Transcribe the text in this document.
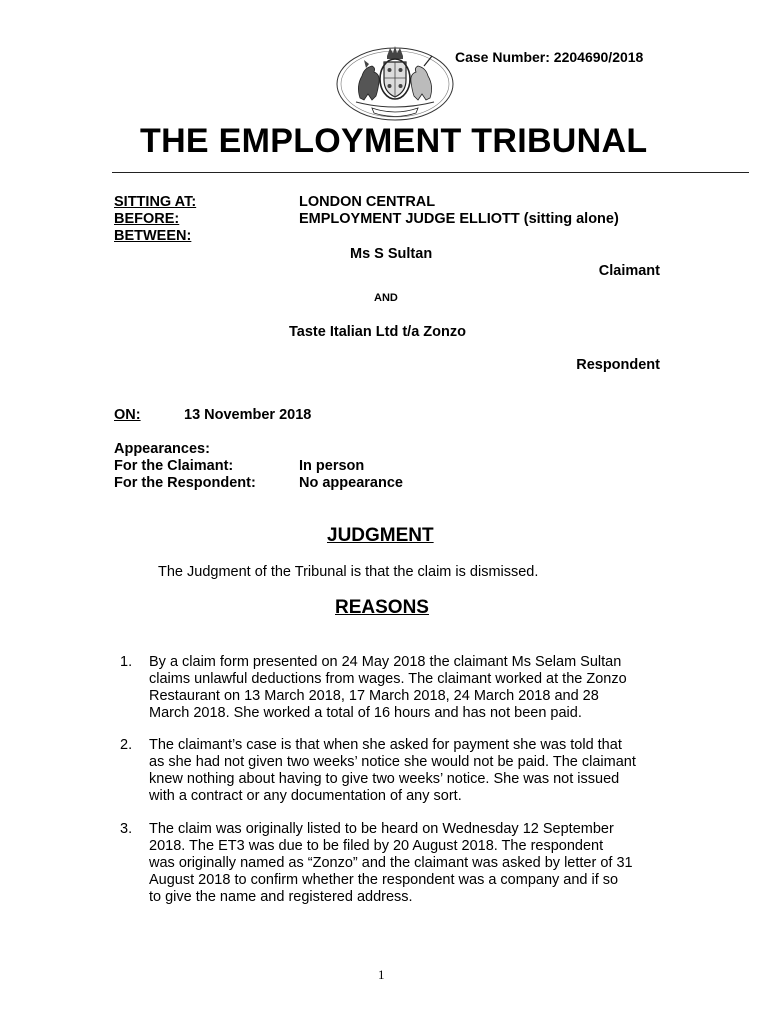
Case Number: 2204690/2018
THE EMPLOYMENT TRIBUNAL
SITTING AT:	LONDON CENTRAL
BEFORE:	EMPLOYMENT JUDGE ELLIOTT (sitting alone)
BETWEEN:
Ms S Sultan
Claimant
AND
Taste Italian Ltd t/a Zonzo
Respondent
ON:	13 November 2018
Appearances:
For the Claimant:	In person
For the Respondent:	No appearance
JUDGMENT
The Judgment of the Tribunal is that the claim is dismissed.
REASONS
1. By a claim form presented on 24 May 2018 the claimant Ms Selam Sultan
claims unlawful deductions from wages. The claimant worked at the Zonzo
Restaurant on 13 March 2018, 17 March 2018, 24 March 2018 and 28
March 2018. She worked a total of 16 hours and has not been paid.
2. The claimant’s case is that when she asked for payment she was told that
as she had not given two weeks’ notice she would not be paid. The claimant
knew nothing about having to give two weeks’ notice. She was not issued
with a contract or any documentation of any sort.
3. The claim was originally listed to be heard on Wednesday 12 September
2018. The ET3 was due to be filed by 20 August 2018. The respondent
was originally named as “Zonzo” and the claimant was asked by letter of 31
August 2018 to confirm whether the respondent was a company and if so
to give the name and registered address.
1
